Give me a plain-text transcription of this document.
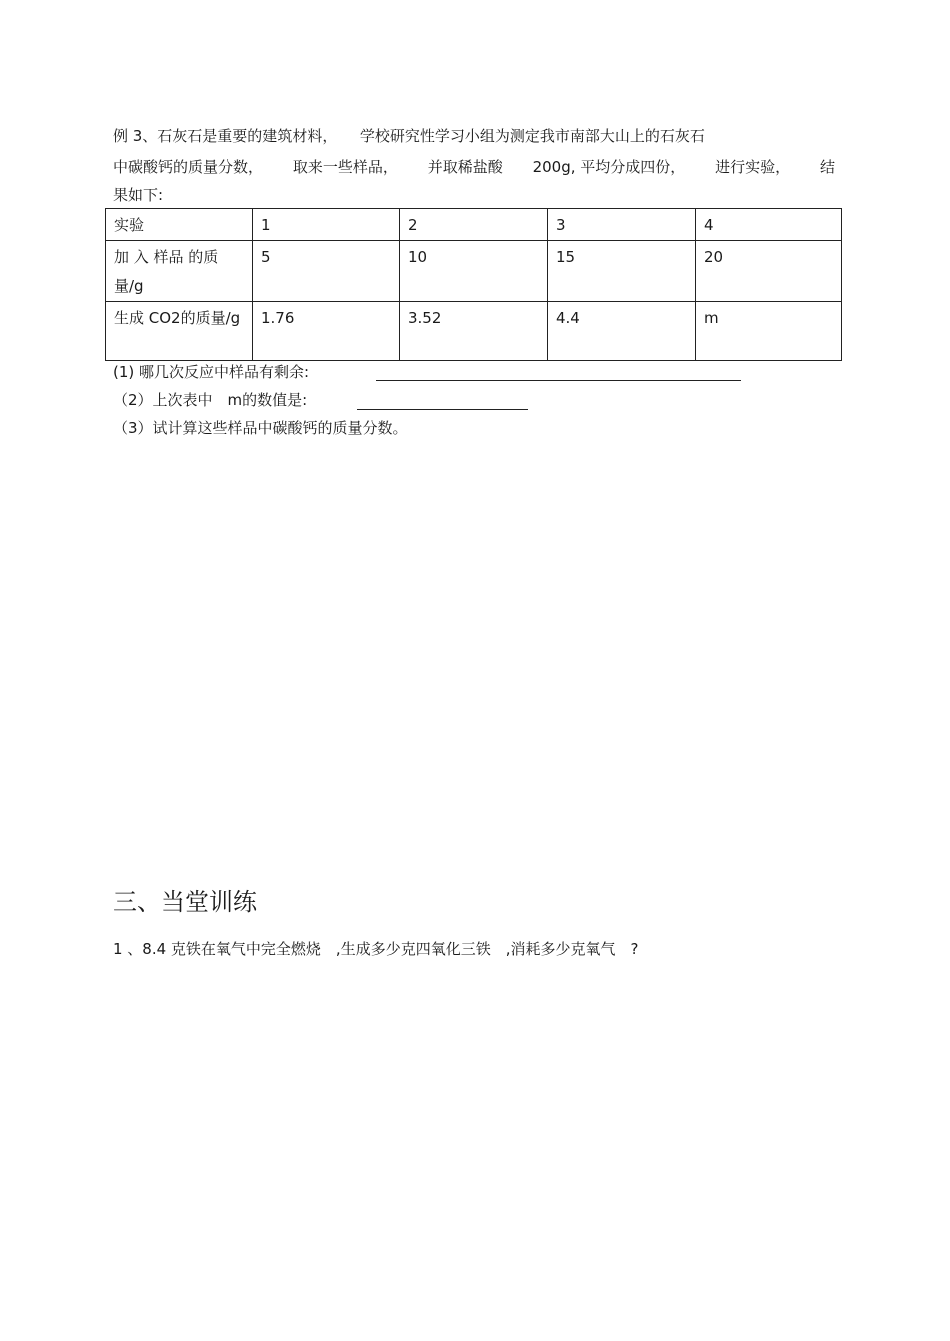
例 3、石灰石是重要的建筑材料，　　学校研究性学习小组为测定我市南部大山上的石灰石
中碳酸钙的质量分数， 取来一些样品， 并取稀盐酸 200g, 平均分成四份， 进行实验， 结
果如下:
实验	1	2	3	4
加 入 样品 的质量/g	5	10	15	20
生成 CO2的质量/g	1.76	3.52	4.4	m
(1) 哪几次反应中样品有剩余:
（2）上次表中　m的数值是:
（3）试计算这些样品中碳酸钙的质量分数。
三、当堂训练
1 、8.4 克铁在氧气中完全燃烧　,生成多少克四氧化三铁　,消耗多少克氧气　?
